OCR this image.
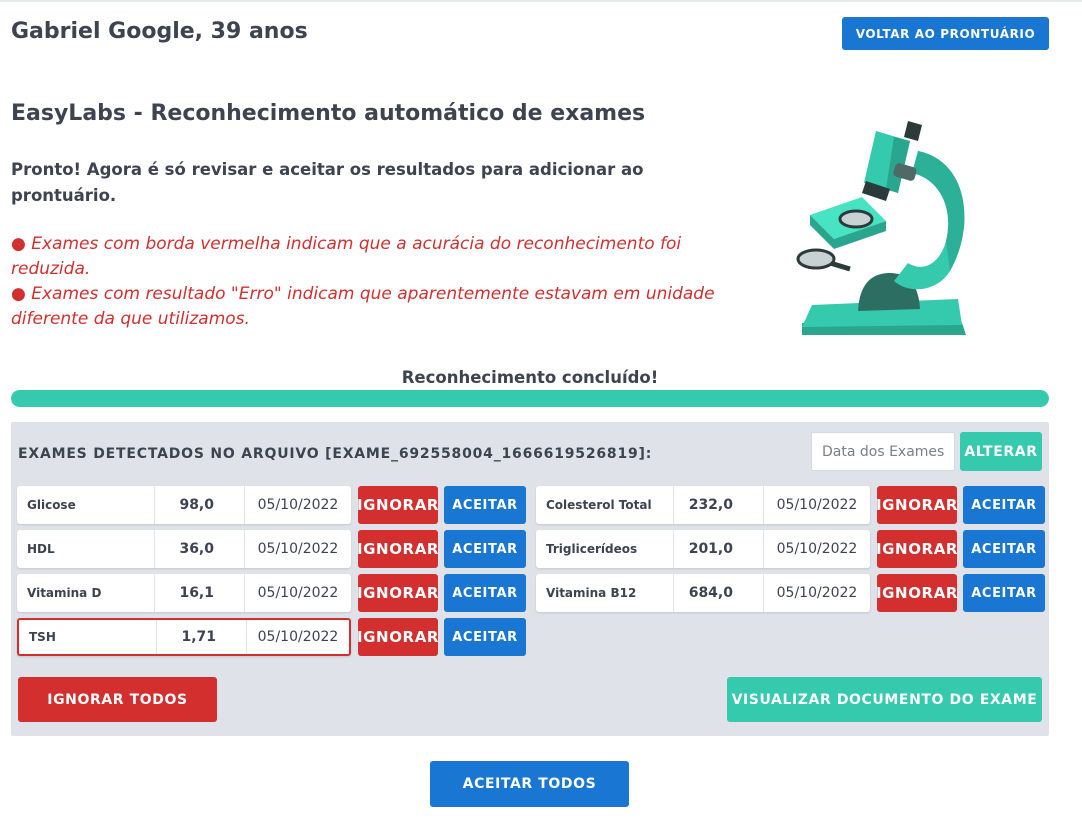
Gabriel Google, 39 anos	VOLTAR AO PRONTUÁRIO
EasyLabs - Reconhecimento automático de exames
Pronto! Agora é só revisar e aceitar os resultados para adicionar ao prontuário.
● Exames com borda vermelha indicam que a acurácia do reconhecimento foi reduzida.
● Exames com resultado "Erro" indicam que aparentemente estavam em unidade diferente da que utilizamos.
Reconhecimento concluído!
EXAMES DETECTADOS NO ARQUIVO [EXAME_692558004_1666619526819]:
Data dos Exames	ALTERAR
Glicose	98,0	05/10/2022	IGNORAR	ACEITAR
HDL	36,0	05/10/2022	IGNORAR	ACEITAR
Vitamina D	16,1	05/10/2022	IGNORAR	ACEITAR
TSH	1,71	05/10/2022	IGNORAR	ACEITAR
Colesterol Total	232,0	05/10/2022	IGNORAR	ACEITAR
Triglicerídeos	201,0	05/10/2022	IGNORAR	ACEITAR
Vitamina B12	684,0	05/10/2022	IGNORAR	ACEITAR
IGNORAR TODOS	VISUALIZAR DOCUMENTO DO EXAME
ACEITAR TODOS
